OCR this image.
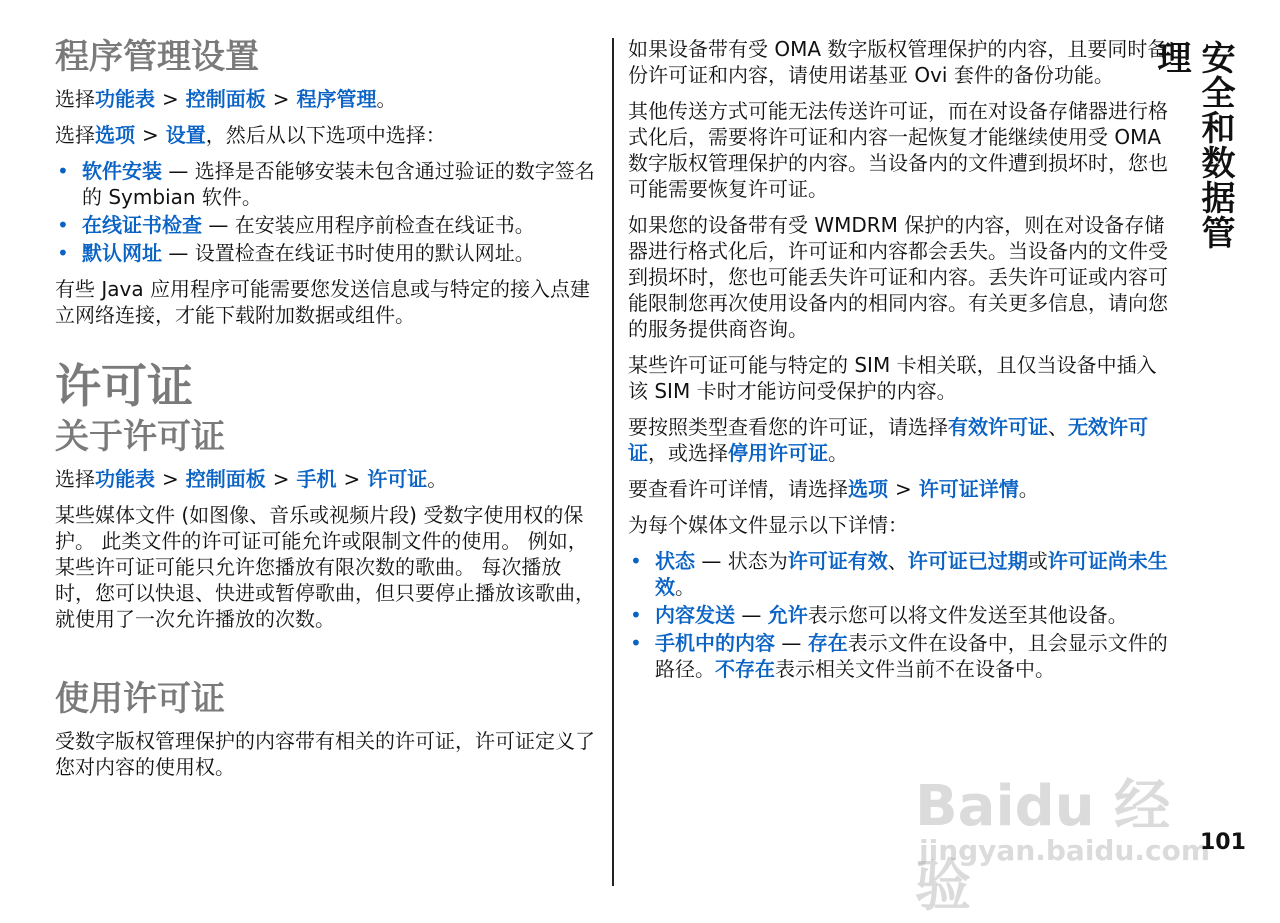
程序管理设置
选择功能表 > 控制面板 > 程序管理。
选择选项 > 设置，然后从以下选项中选择：
• 软件安装 — 选择是否能够安装未包含通过验证的数字签名的 Symbian 软件。
• 在线证书检查 — 在安装应用程序前检查在线证书。
• 默认网址 — 设置检查在线证书时使用的默认网址。
有些 Java 应用程序可能需要您发送信息或与特定的接入点建立网络连接，才能下载附加数据或组件。
许可证
关于许可证
选择功能表 > 控制面板 > 手机 > 许可证。
某些媒体文件 (如图像、音乐或视频片段) 受数字使用权的保护。 此类文件的许可证可能允许或限制文件的使用。 例如，某些许可证可能只允许您播放有限次数的歌曲。 每次播放时，您可以快退、快进或暂停歌曲，但只要停止播放该歌曲，就使用了一次允许播放的次数。
使用许可证
受数字版权管理保护的内容带有相关的许可证，许可证定义了您对内容的使用权。
如果设备带有受 OMA 数字版权管理保护的内容，且要同时备份许可证和内容，请使用诺基亚 Ovi 套件的备份功能。
其他传送方式可能无法传送许可证，而在对设备存储器进行格式化后，需要将许可证和内容一起恢复才能继续使用受 OMA 数字版权管理保护的内容。当设备内的文件遭到损坏时，您也可能需要恢复许可证。
如果您的设备带有受 WMDRM 保护的内容，则在对设备存储器进行格式化后，许可证和内容都会丢失。当设备内的文件受到损坏时，您也可能丢失许可证和内容。丢失许可证或内容可能限制您再次使用设备内的相同内容。有关更多信息，请向您的服务提供商咨询。
某些许可证可能与特定的 SIM 卡相关联，且仅当设备中插入该 SIM 卡时才能访问受保护的内容。
要按照类型查看您的许可证，请选择有效许可证、无效许可证，或选择停用许可证。
要查看许可详情，请选择选项 > 许可证详情。
为每个媒体文件显示以下详情：
• 状态 — 状态为许可证有效、许可证已过期或许可证尚未生效。
• 内容发送 — 允许表示您可以将文件发送至其他设备。
• 手机中的内容 — 存在表示文件在设备中，且会显示文件的路径。不存在表示相关文件当前不在设备中。
安全和数据管理
Baidu 经验
jingyan.baidu.com
101
